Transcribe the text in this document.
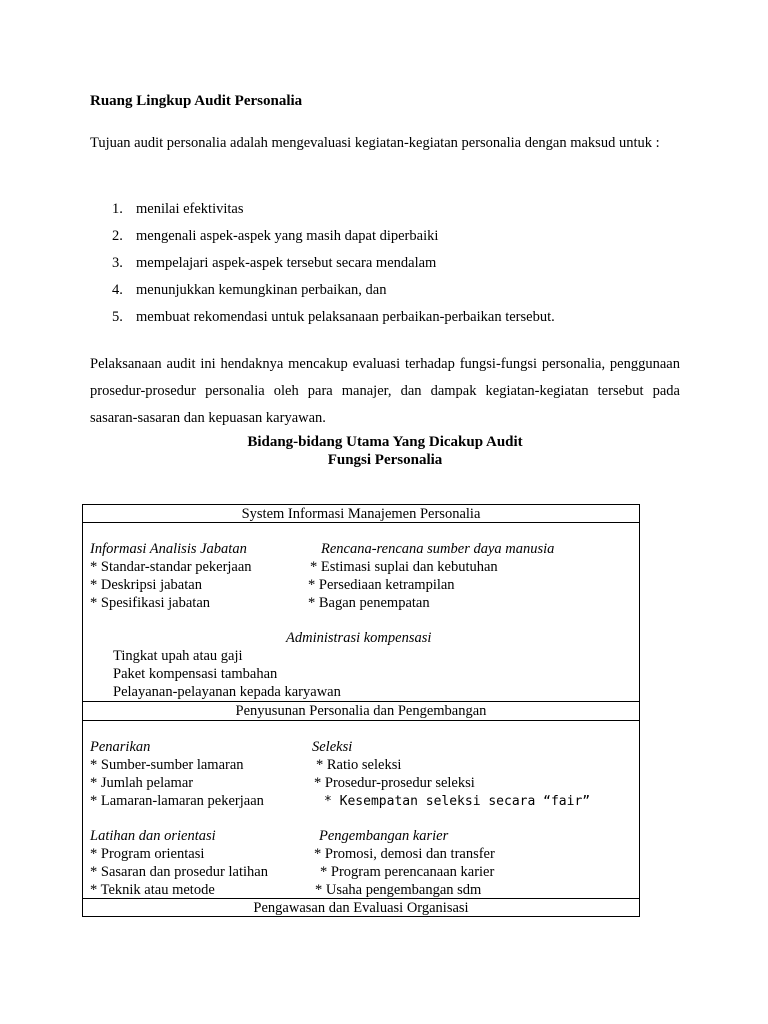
Ruang Lingkup Audit Personalia
Tujuan audit personalia adalah mengevaluasi kegiatan-kegiatan personalia dengan maksud untuk :
1. menilai efektivitas
2. mengenali aspek-aspek yang masih dapat diperbaiki
3. mempelajari aspek-aspek tersebut secara mendalam
4. menunjukkan kemungkinan perbaikan, dan
5. membuat rekomendasi untuk pelaksanaan perbaikan-perbaikan tersebut.
Pelaksanaan audit ini hendaknya mencakup evaluasi terhadap fungsi-fungsi personalia, penggunaan prosedur-prosedur personalia oleh para manajer, dan dampak kegiatan-kegiatan tersebut pada sasaran-sasaran dan kepuasan karyawan.
Bidang-bidang Utama Yang Dicakup Audit
Fungsi Personalia
System Informasi Manajemen Personalia
Informasi Analisis Jabatan
* Standar-standar pekerjaan
* Deskripsi jabatan
* Spesifikasi jabatan
Rencana-rencana sumber daya manusia
* Estimasi suplai dan kebutuhan
* Persediaan ketrampilan
* Bagan penempatan
Administrasi kompensasi
Tingkat upah atau gaji
Paket kompensasi tambahan
Pelayanan-pelayanan kepada karyawan
Penyusunan Personalia dan Pengembangan
Penarikan
* Sumber-sumber lamaran
* Jumlah pelamar
* Lamaran-lamaran pekerjaan
Seleksi
* Ratio seleksi
* Prosedur-prosedur seleksi
* Kesempatan seleksi secara “fair”
Latihan dan orientasi
* Program orientasi
* Sasaran dan prosedur latihan
* Teknik atau metode
Pengembangan karier
* Promosi, demosi dan transfer
* Program perencanaan karier
* Usaha pengembangan sdm
Pengawasan dan Evaluasi Organisasi
